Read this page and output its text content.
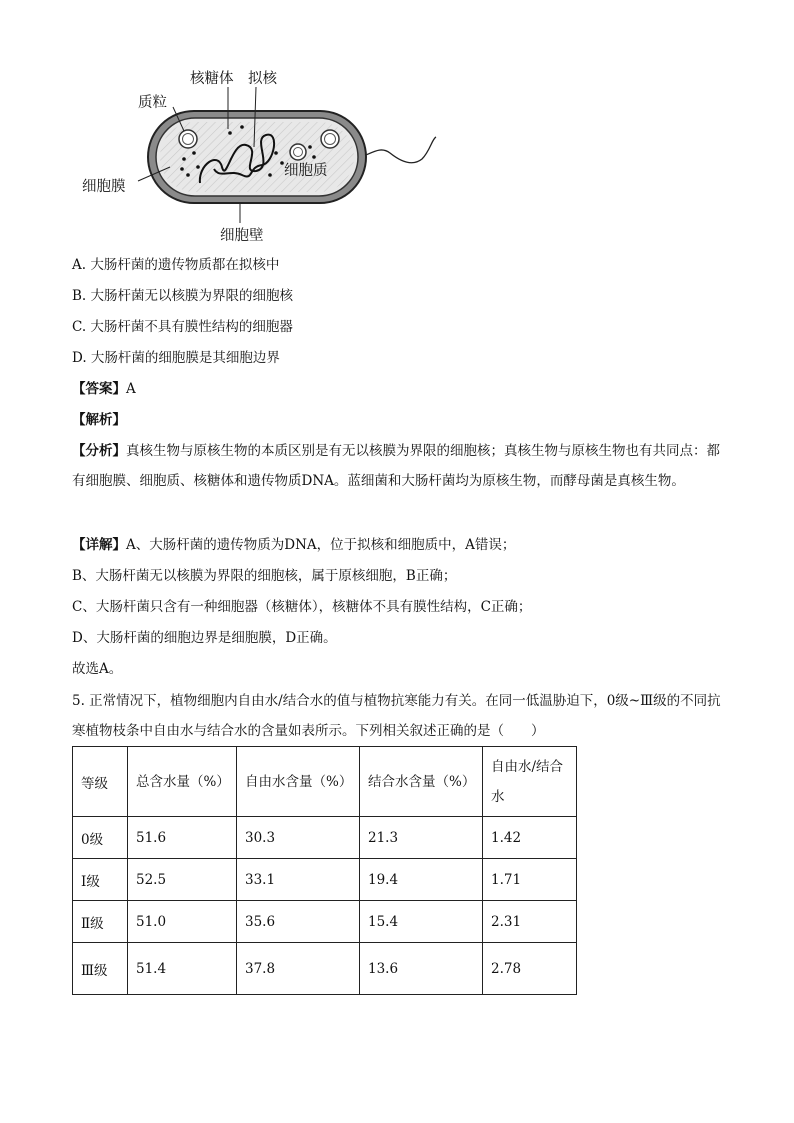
核糖体 拟核
质粒
细胞膜
细胞质
细胞壁
A. 大肠杆菌的遗传物质都在拟核中
B. 大肠杆菌无以核膜为界限的细胞核
C. 大肠杆菌不具有膜性结构的细胞器
D. 大肠杆菌的细胞膜是其细胞边界
【答案】A
【解析】
【分析】真核生物与原核生物的本质区别是有无以核膜为界限的细胞核；真核生物与原核生物也有共同点：都有细胞膜、细胞质、核糖体和遗传物质DNA。蓝细菌和大肠杆菌均为原核生物，而酵母菌是真核生物。
【详解】A、大肠杆菌的遗传物质为DNA，位于拟核和细胞质中，A错误；
B、大肠杆菌无以核膜为界限的细胞核，属于原核细胞，B正确；
C、大肠杆菌只含有一种细胞器（核糖体），核糖体不具有膜性结构，C正确；
D、大肠杆菌的细胞边界是细胞膜，D正确。
故选A。
5. 正常情况下，植物细胞内自由水/结合水的值与植物抗寒能力有关。在同一低温胁迫下，0级~Ⅲ级的不同抗寒植物枝条中自由水与结合水的含量如表所示。下列相关叙述正确的是（　　）
等级	总含水量（%）	自由水含量（%）	结合水含量（%）	自由水/结合水
0级	51.6	30.3	21.3	1.42
Ⅰ级	52.5	33.1	19.4	1.71
Ⅱ级	51.0	35.6	15.4	2.31
Ⅲ级	51.4	37.8	13.6	2.78
